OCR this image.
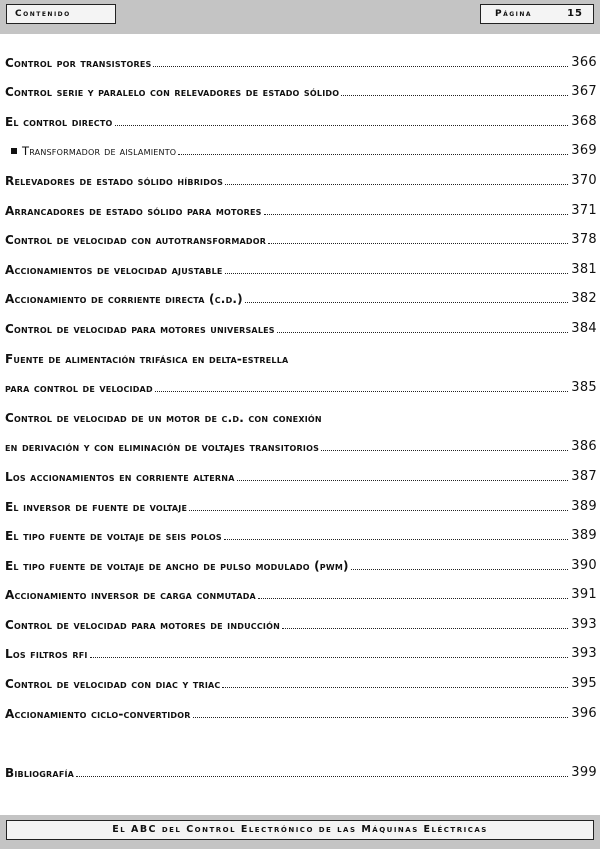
Contenido	Página	15
Control por transistores	366
Control serie y paralelo con relevadores de estado sólido	367
El control directo	368
Transformador de aislamiento	369
Relevadores de estado sólido híbridos	370
Arrancadores de estado sólido para motores	371
Control de velocidad con autotransformador	378
Accionamientos de velocidad ajustable	381
Accionamiento de corriente directa (c.d.)	382
Control de velocidad para motores universales	384
Fuente de alimentación trifásica en delta-estrella
para control de velocidad	385
Control de velocidad de un motor de c.d. con conexión
en derivación y con eliminación de voltajes transitorios	386
Los accionamientos en corriente alterna	387
El inversor de fuente de voltaje	389
El tipo fuente de voltaje de seis polos	389
El tipo fuente de voltaje de ancho de pulso modulado (pwm)	390
Accionamiento inversor de carga conmutada	391
Control de velocidad para motores de inducción	393
Los filtros rfi	393
Control de velocidad con diac y triac	395
Accionamiento ciclo-convertidor	396
Bibliografía	399
El ABC del Control Electrónico de las Máquinas Eléctricas
